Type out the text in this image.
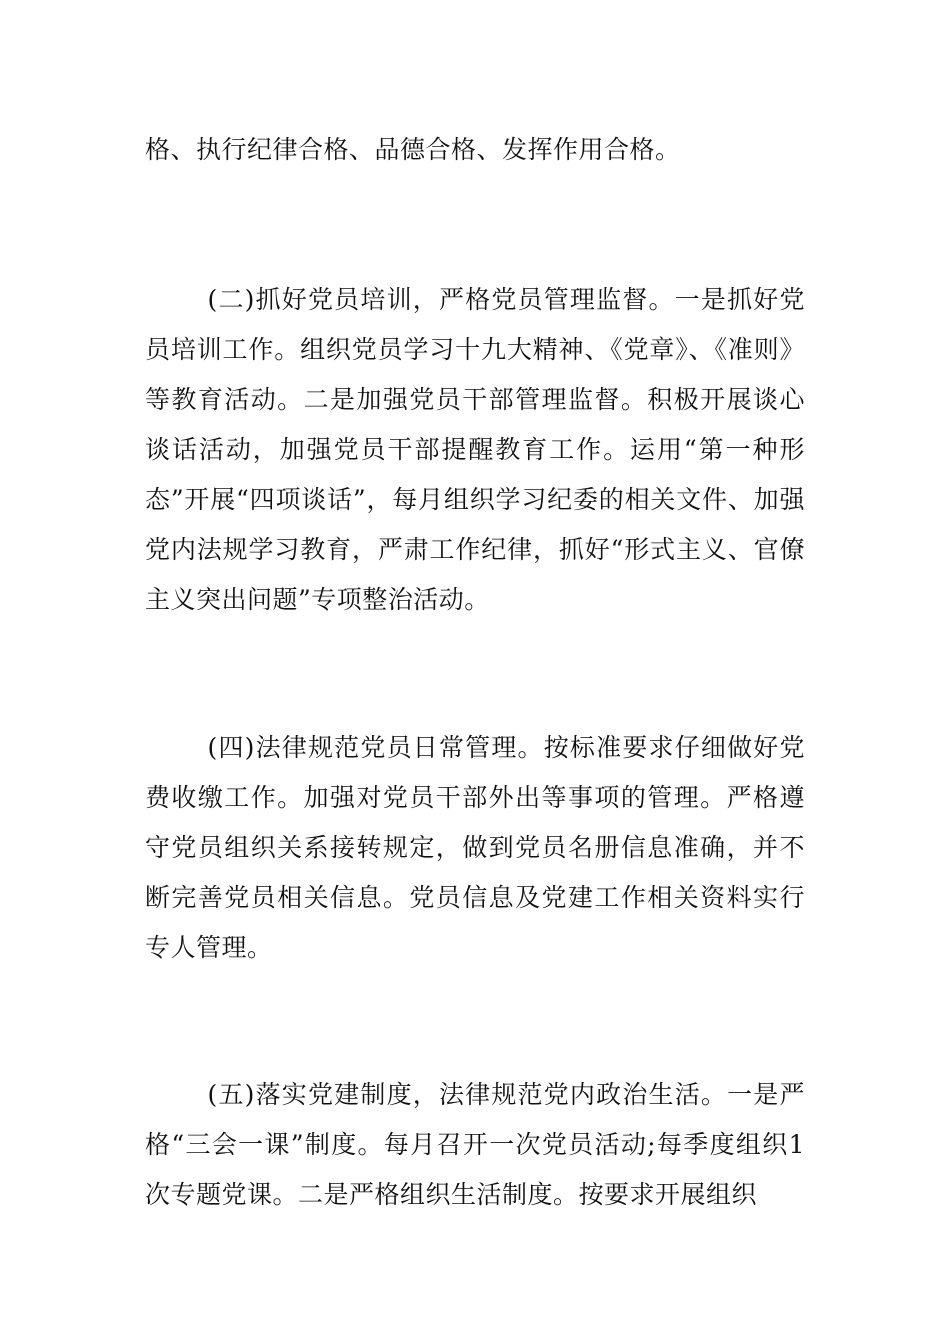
格、执行纪律合格、品德合格、发挥作用合格。

(二)抓好党员培训，严格党员管理监督。一是抓好党员培训工作。组织党员学习十九大精神、《党章》、《准则》等教育活动。二是加强党员干部管理监督。积极开展谈心谈话活动，加强党员干部提醒教育工作。运用“第一种形态”开展“四项谈话”，每月组织学习纪委的相关文件、加强党内法规学习教育，严肃工作纪律，抓好“形式主义、官僚主义突出问题”专项整治活动。

(四)法律规范党员日常管理。按标准要求仔细做好党费收缴工作。加强对党员干部外出等事项的管理。严格遵守党员组织关系接转规定，做到党员名册信息准确，并不断完善党员相关信息。党员信息及党建工作相关资料实行专人管理。

(五)落实党建制度，法律规范党内政治生活。一是严格“三会一课”制度。每月召开一次党员活动;每季度组织1次专题党课。二是严格组织生活制度。按要求开展组织
